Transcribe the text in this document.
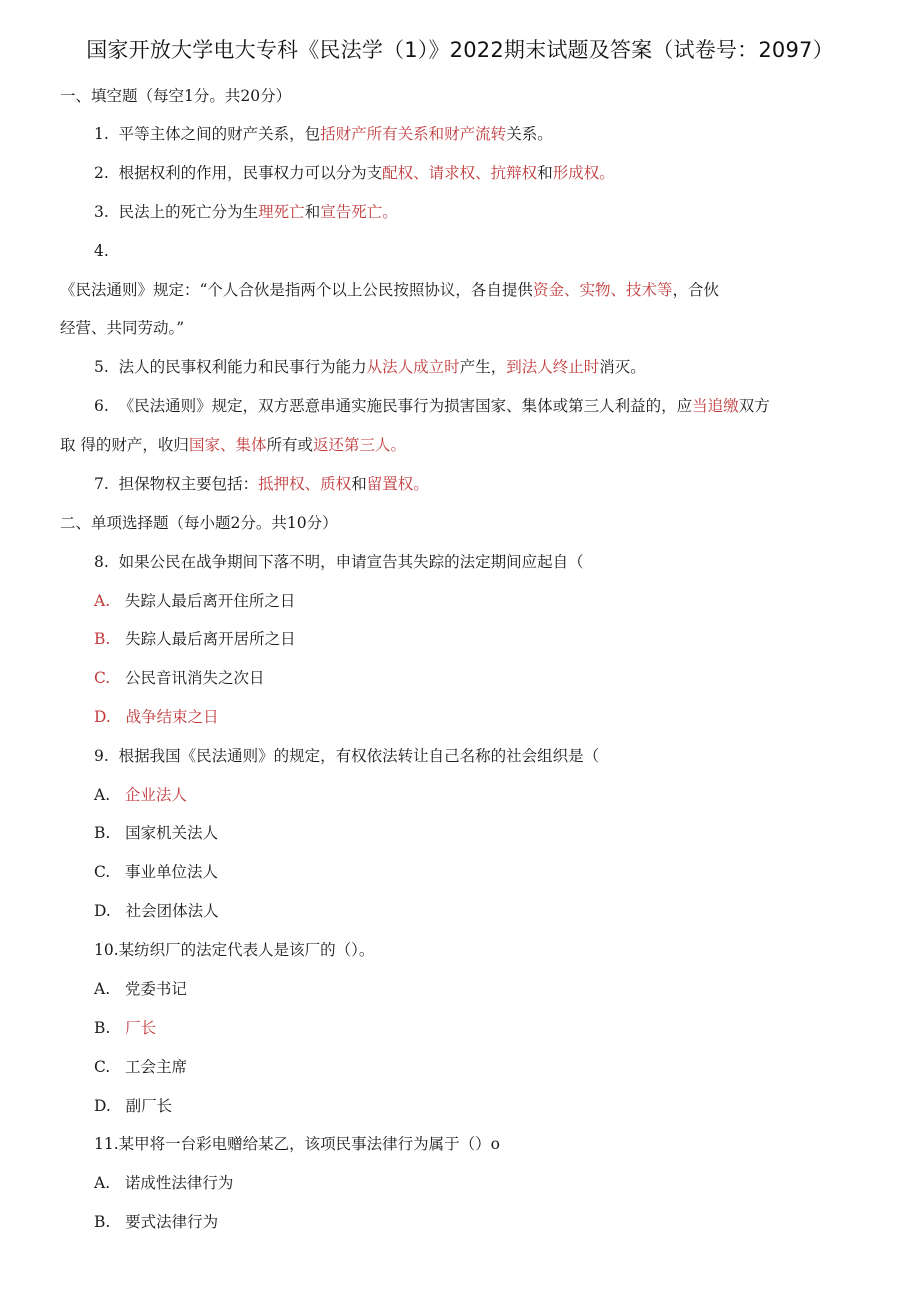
国家开放大学电大专科《民法学（1）》2022期末试题及答案（试卷号：2097）
一、填空题（每空1分。共20分）
1. 平等主体之间的财产关系，包括财产所有关系和财产流转关系。
2. 根据权利的作用，民事权力可以分为支配权、请求权、抗辩权和形成权。
3. 民法上的死亡分为生理死亡和宣告死亡。
4.
《民法通则》规定：“个人合伙是指两个以上公民按照协议，各自提供资金、实物、技术等，合伙
经营、共同劳动。”
5. 法人的民事权利能力和民事行为能力从法人成立时产生，到法人终止时消灭。
6. 《民法通则》规定，双方恶意串通实施民事行为损害国家、集体或第三人利益的，应当追缴双方
取 得的财产，收归国家、集体所有或返还第三人。
7. 担保物权主要包括：抵押权、质权和留置权。
二、单项选择题（每小题2分。共10分）
8. 如果公民在战争期间下落不明，申请宣告其失踪的法定期间应起自（
A. 失踪人最后离开住所之日
B. 失踪人最后离开居所之日
C. 公民音讯消失之次日
D. 战争结束之日
9. 根据我国《民法通则》的规定，有权依法转让自己名称的社会组织是（
A. 企业法人
B. 国家机关法人
C. 事业单位法人
D. 社会团体法人
10.某纺织厂的法定代表人是该厂的（）。
A. 党委书记
B. 厂长
C. 工会主席
D. 副厂长
11.某甲将一台彩电赠给某乙，该项民事法律行为属于（）o
A. 诺成性法律行为
B. 要式法律行为
